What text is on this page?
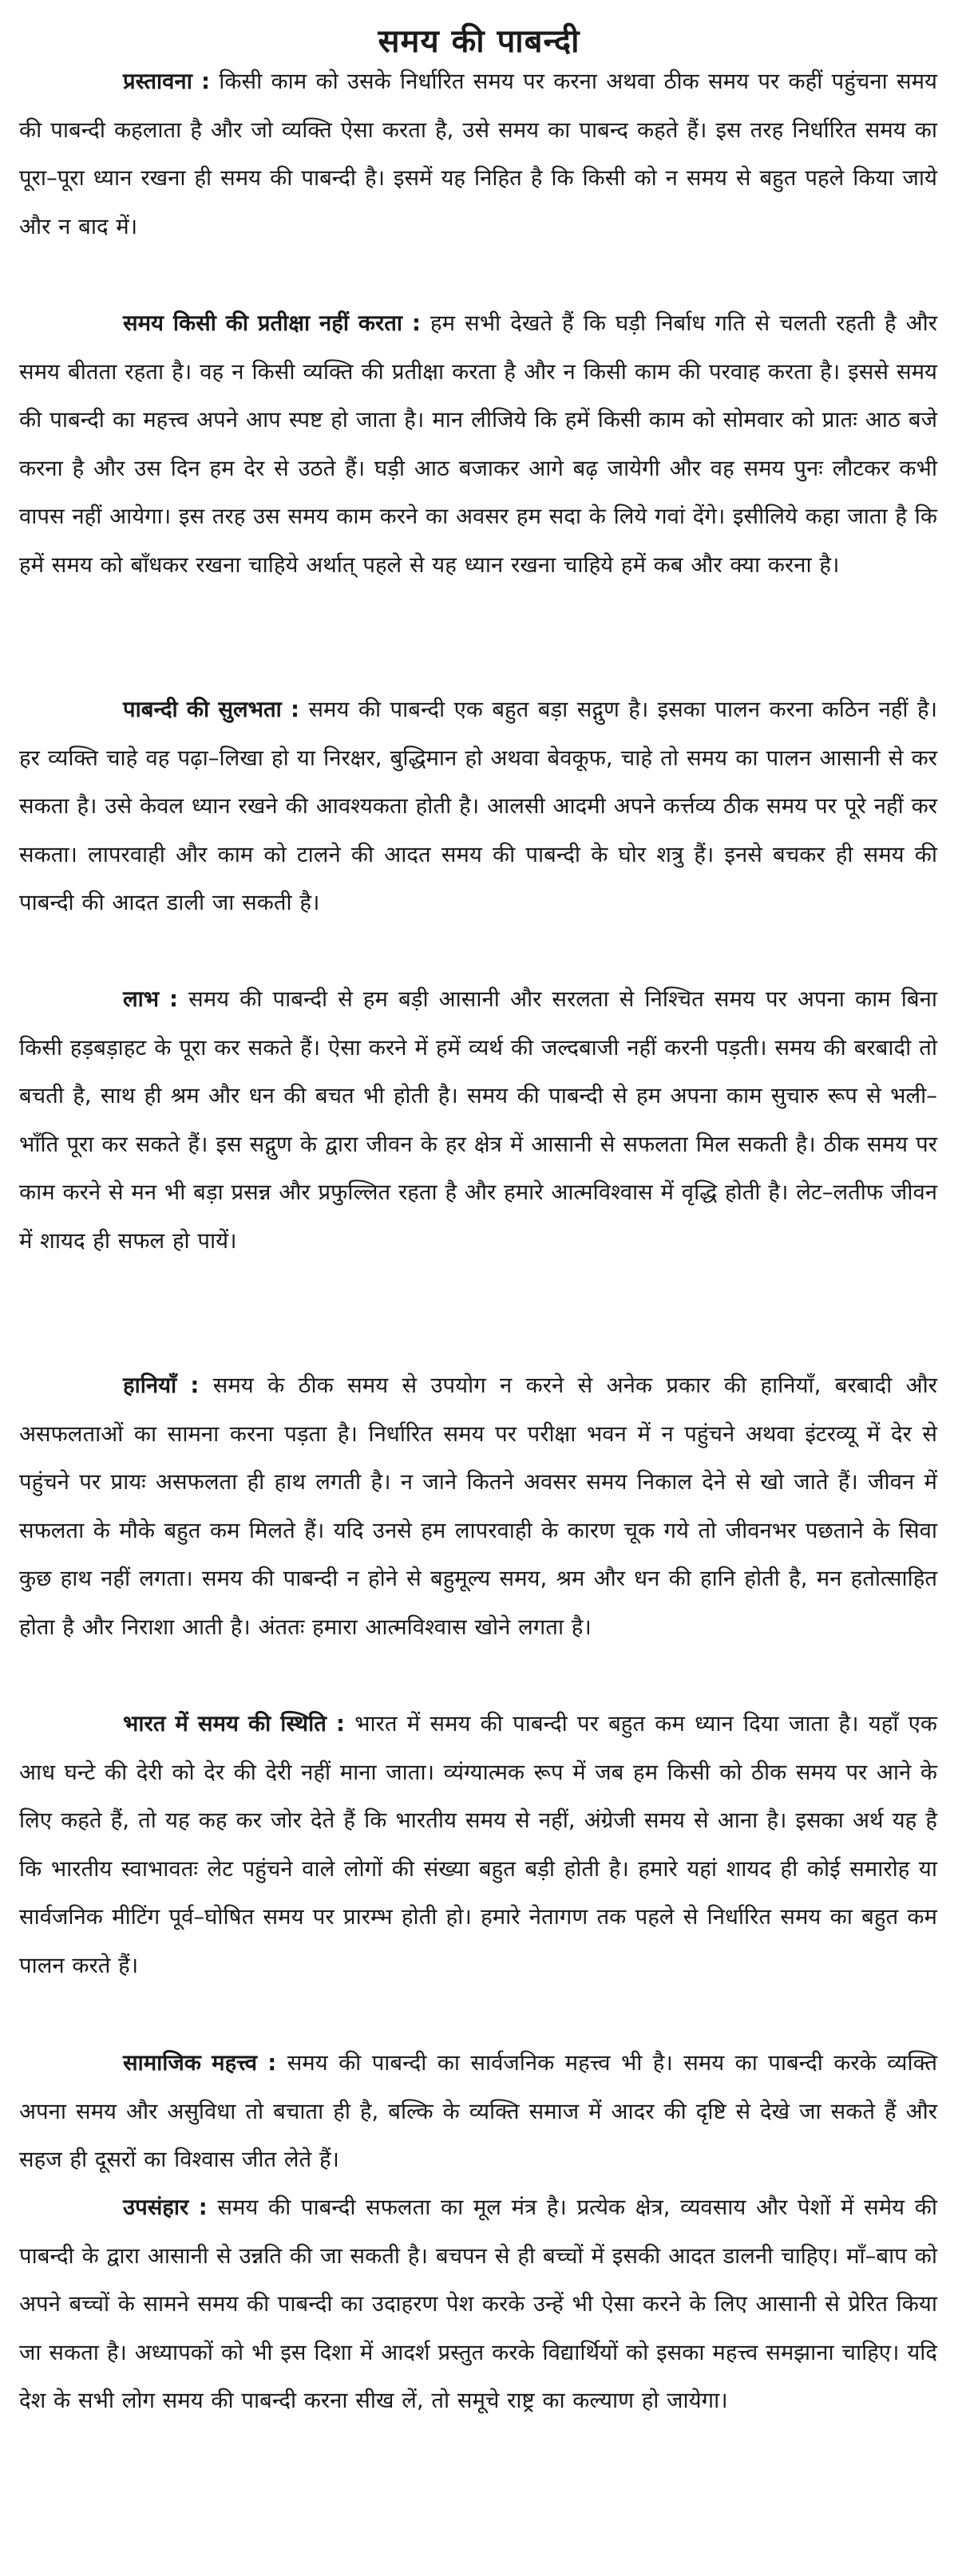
समय की पाबन्दी

प्रस्तावना : किसी काम को उसके निर्धारित समय पर करना अथवा ठीक समय पर कहीं पहुंचना समय की पाबन्दी कहलाता है और जो व्यक्ति ऐसा करता है, उसे समय का पाबन्द कहते हैं। इस तरह निर्धारित समय का पूरा–पूरा ध्यान रखना ही समय की पाबन्दी है। इसमें यह निहित है कि किसी को न समय से बहुत पहले किया जाये और न बाद में।

समय किसी की प्रतीक्षा नहीं करता : हम सभी देखते हैं कि घड़ी निर्बाध गति से चलती रहती है और समय बीतता रहता है। वह न किसी व्यक्ति की प्रतीक्षा करता है और न किसी काम की परवाह करता है। इससे समय की पाबन्दी का महत्त्व अपने आप स्पष्ट हो जाता है। मान लीजिये कि हमें किसी काम को सोमवार को प्रातः आठ बजे करना है और उस दिन हम देर से उठते हैं। घड़ी आठ बजाकर आगे बढ़ जायेगी और वह समय पुनः लौटकर कभी वापस नहीं आयेगा। इस तरह उस समय काम करने का अवसर हम सदा के लिये गवां देंगे। इसीलिये कहा जाता है कि हमें समय को बाँधकर रखना चाहिये अर्थात् पहले से यह ध्यान रखना चाहिये हमें कब और क्या करना है।

पाबन्दी की सुलभता : समय की पाबन्दी एक बहुत बड़ा सद्गुण है। इसका पालन करना कठिन नहीं है। हर व्यक्ति चाहे वह पढ़ा–लिखा हो या निरक्षर, बुद्धिमान हो अथवा बेवकूफ, चाहे तो समय का पालन आसानी से कर सकता है। उसे केवल ध्यान रखने की आवश्यकता होती है। आलसी आदमी अपने कर्त्तव्य ठीक समय पर पूरे नहीं कर सकता। लापरवाही और काम को टालने की आदत समय की पाबन्दी के घोर शत्रु हैं। इनसे बचकर ही समय की पाबन्दी की आदत डाली जा सकती है।

लाभ : समय की पाबन्दी से हम बड़ी आसानी और सरलता से निश्चित समय पर अपना काम बिना किसी हड़बड़ाहट के पूरा कर सकते हैं। ऐसा करने में हमें व्यर्थ की जल्दबाजी नहीं करनी पड़ती। समय की बरबादी तो बचती है, साथ ही श्रम और धन की बचत भी होती है। समय की पाबन्दी से हम अपना काम सुचारु रूप से भली–भाँति पूरा कर सकते हैं। इस सद्गुण के द्वारा जीवन के हर क्षेत्र में आसानी से सफलता मिल सकती है। ठीक समय पर काम करने से मन भी बड़ा प्रसन्न और प्रफुल्लित रहता है और हमारे आत्मविश्वास में वृद्धि होती है। लेट–लतीफ जीवन में शायद ही सफल हो पायें।

हानियाँ : समय के ठीक समय से उपयोग न करने से अनेक प्रकार की हानियाँ, बरबादी और असफलताओं का सामना करना पड़ता है। निर्धारित समय पर परीक्षा भवन में न पहुंचने अथवा इंटरव्यू में देर से पहुंचने पर प्रायः असफलता ही हाथ लगती है। न जाने कितने अवसर समय निकाल देने से खो जाते हैं। जीवन में सफलता के मौके बहुत कम मिलते हैं। यदि उनसे हम लापरवाही के कारण चूक गये तो जीवनभर पछताने के सिवा कुछ हाथ नहीं लगता। समय की पाबन्दी न होने से बहुमूल्य समय, श्रम और धन की हानि होती है, मन हतोत्साहित होता है और निराशा आती है। अंततः हमारा आत्मविश्वास खोने लगता है।

भारत में समय की स्थिति : भारत में समय की पाबन्दी पर बहुत कम ध्यान दिया जाता है। यहाँ एक आध घन्टे की देरी को देर की देरी नहीं माना जाता। व्यंग्यात्मक रूप में जब हम किसी को ठीक समय पर आने के लिए कहते हैं, तो यह कह कर जोर देते हैं कि भारतीय समय से नहीं, अंग्रेजी समय से आना है। इसका अर्थ यह है कि भारतीय स्वाभावतः लेट पहुंचने वाले लोगों की संख्या बहुत बड़ी होती है। हमारे यहां शायद ही कोई समारोह या सार्वजनिक मीटिंग पूर्व–घोषित समय पर प्रारम्भ होती हो। हमारे नेतागण तक पहले से निर्धारित समय का बहुत कम पालन करते हैं।

सामाजिक महत्त्व : समय की पाबन्दी का सार्वजनिक महत्त्व भी है। समय का पाबन्दी करके व्यक्ति अपना समय और असुविधा तो बचाता ही है, बल्कि के व्यक्ति समाज में आदर की दृष्टि से देखे जा सकते हैं और सहज ही दूसरों का विश्वास जीत लेते हैं।

उपसंहार : समय की पाबन्दी सफलता का मूल मंत्र है। प्रत्येक क्षेत्र, व्यवसाय और पेशों में समेय की पाबन्दी के द्वारा आसानी से उन्नति की जा सकती है। बचपन से ही बच्चों में इसकी आदत डालनी चाहिए। माँ–बाप को अपने बच्चों के सामने समय की पाबन्दी का उदाहरण पेश करके उन्हें भी ऐसा करने के लिए आसानी से प्रेरित किया जा सकता है। अध्यापकों को भी इस दिशा में आदर्श प्रस्तुत करके विद्यार्थियों को इसका महत्त्व समझाना चाहिए। यदि देश के सभी लोग समय की पाबन्दी करना सीख लें, तो समूचे राष्ट्र का कल्याण हो जायेगा।
